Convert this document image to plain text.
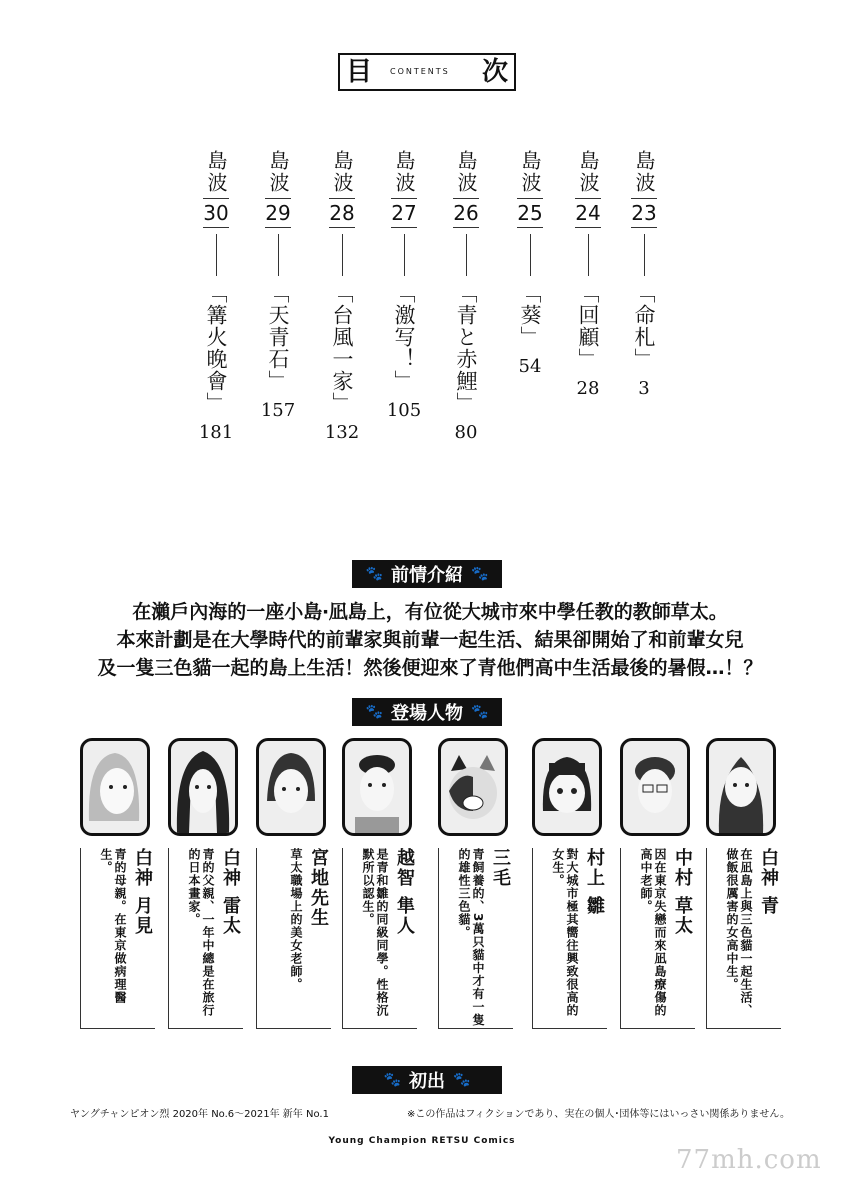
目 CONTENTS 次
島波
23
「命札」
3
島波
24
「回顧」
28
島波
25
「葵」
54
島波
26
「青と赤鯉」
80
島波
27
「激写！」
105
島波
28
「台風一家」
132
島波
29
「天青石」
157
島波
30
「篝火晚會」
181
🐾 前情介紹 🐾
在瀨戶內海的一座小島‧凪島上，有位從大城市來中學任教的教師草太。
本來計劃是在大學時代的前輩家與前輩一起生活、結果卻開始了和前輩女兒
及一隻三色貓一起的島上生活！然後便迎來了青他們高中生活最後的暑假…！？
🐾 登場人物 🐾
白神 青
在凪島上與三色貓一起生活、做飯很厲害的女高中生。
中村 草太
因在東京失戀而來凪島療傷的高中老師。
村上 雛
對大城市極其嚮往興致很高的女生。
三毛
青飼養的、3萬只貓中才有一隻的雄性三色貓。
越智 隼人
是青和雛的同級同學。性格沉默所以認生。
宮地先生
草太職場上的美女老師。
白神 雷太
青的父親、一年中總是在旅行的日本畫家。
白神 月見
青的母親。在東京做病理醫生。
🐾 初出 🐾
ヤングチャンピオン烈 2020年 No.6～2021年 新年 No.1	※この作品はフィクションであり、実在の個人･団体等にはいっさい関係ありません。
Young Champion RETSU Comics
77mh.com
